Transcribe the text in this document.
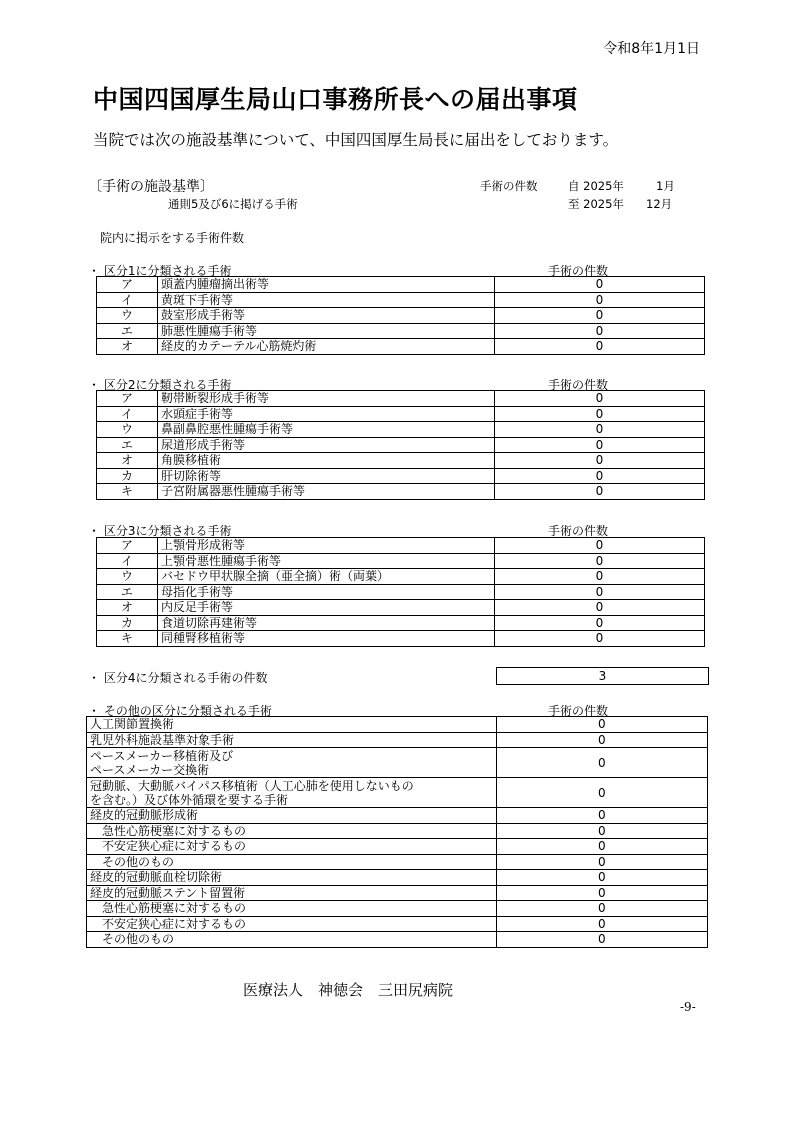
令和8年1月1日
中国四国厚生局山口事務所長への届出事項
当院では次の施設基準について、中国四国厚生局長に届出をしております。
〔手術の施設基準〕
通則5及び6に掲げる手術
手術の件数	自 2025年	1月
至 2025年 12月
院内に掲示をする手術件数
・ 区分1に分類される手術	手術の件数
ア	頭蓋内腫瘤摘出術等	0
イ	黄斑下手術等	0
ウ	鼓室形成手術等	0
エ	肺悪性腫瘍手術等	0
オ	経皮的カテーテル心筋焼灼術	0
・ 区分2に分類される手術	手術の件数
ア	靭帯断裂形成手術等	0
イ	水頭症手術等	0
ウ	鼻副鼻腔悪性腫瘍手術等	0
エ	尿道形成手術等	0
オ	角膜移植術	0
カ	肝切除術等	0
キ	子宮附属器悪性腫瘍手術等	0
・ 区分3に分類される手術	手術の件数
ア	上顎骨形成術等	0
イ	上顎骨悪性腫瘍手術等	0
ウ	バセドウ甲状腺全摘（亜全摘）術（両葉）	0
エ	母指化手術等	0
オ	内反足手術等	0
カ	食道切除再建術等	0
キ	同種腎移植術等	0
・ 区分4に分類される手術の件数	3
・ その他の区分に分類される手術	手術の件数
人工関節置換術	0

乳児外科施設基準対象手術	0

ペースメーカー移植術及び
ペースメーカー交換術	0

冠動脈、大動脈バイパス移植術（人工心肺を使用しないもの
を含む。）及び体外循環を要する手術	0

経皮的冠動脈形成術	0

　急性心筋梗塞に対するもの	0

　不安定狭心症に対するもの	0

　その他のもの	0

経皮的冠動脈血栓切除術	0

経皮的冠動脈ステント留置術	0

　急性心筋梗塞に対するもの	0

　不安定狭心症に対するもの	0

　その他のもの	0
医療法人　神徳会　三田尻病院
-9-
